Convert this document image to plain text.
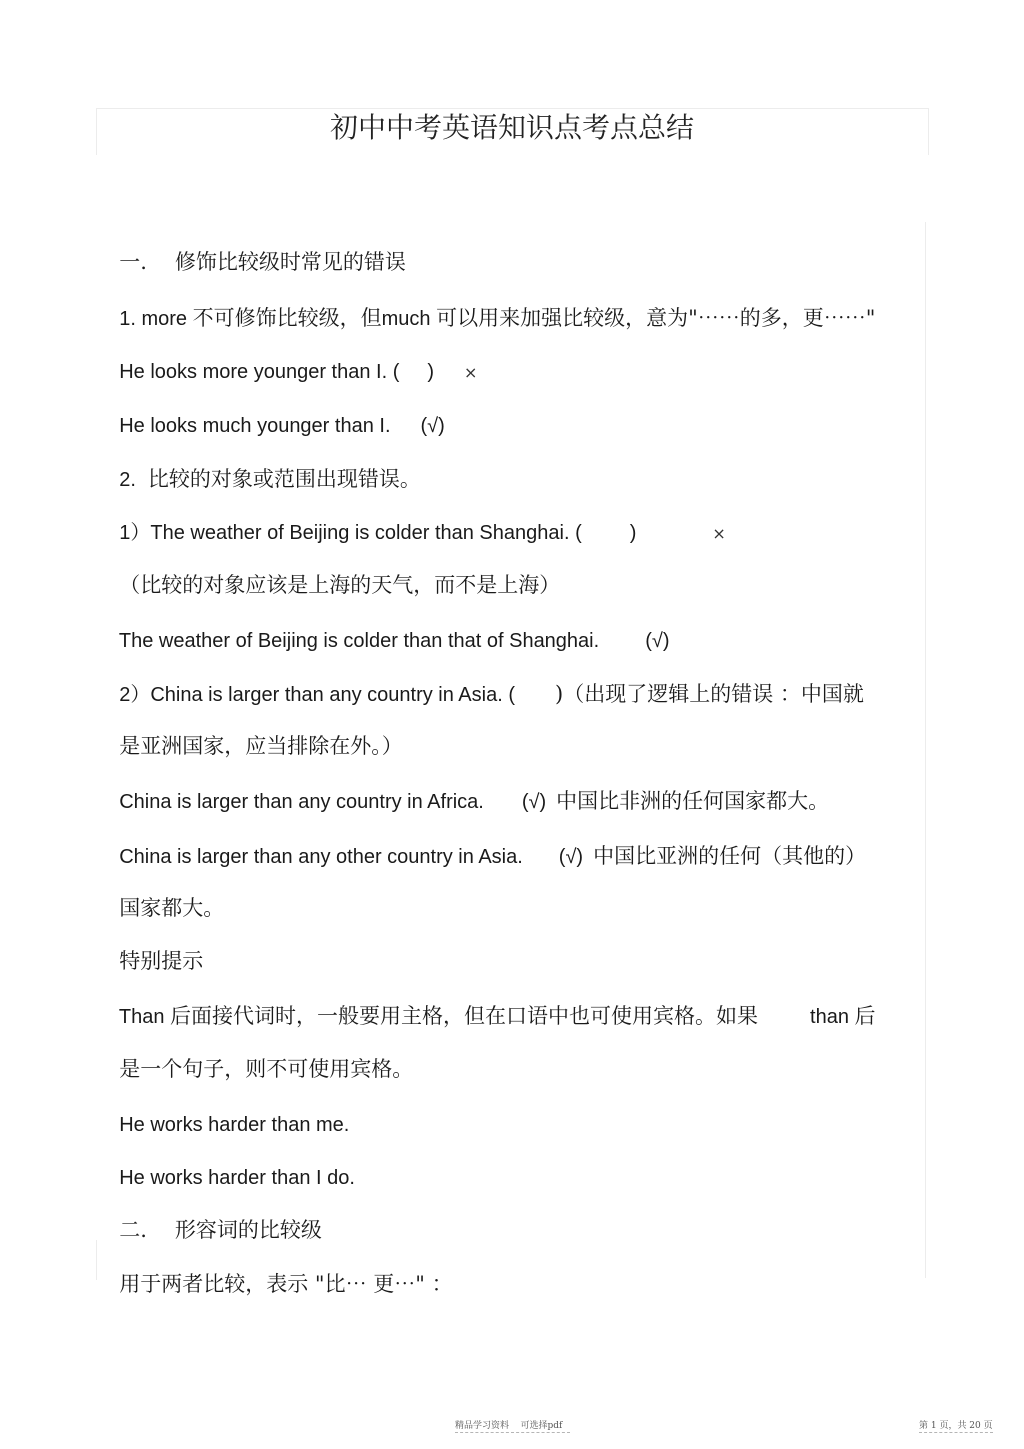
初中中考英语知识点考点总结

一. 修饰比较级时常见的错误

1. more 不可修饰比较级，但much 可以用来加强比较级，意为"⋯⋯的多，更⋯⋯"

He looks more younger than I. ( ) ×

He looks much younger than I. (√)

2. 比较的对象或范围出现错误。

1）The weather of Beijing is colder than Shanghai. ( )	×

（比较的对象应该是上海的天气，而不是上海）

The weather of Beijing is colder than that of Shanghai. (√)

2）China is larger than any country in Asia. ( )（出现了逻辑上的错误 ：中国就

是亚洲国家，应当排除在外。）

China is larger than any country in Africa. (√) 中国比非洲的任何国家都大。

China is larger than any other country in Asia. (√) 中国比亚洲的任何（其他的）

国家都大。

特别提示

Than 后面接代词时，一般要用主格，但在口语中也可使用宾格。如果	than 后

是一个句子，则不可使用宾格。

He works harder than me.

He works harder than I do.

二. 形容词的比较级

用于两者比较，表示 "比⋯ 更⋯" ：

精品学习资料 可选择pdf	第 1 页，共 20 页
